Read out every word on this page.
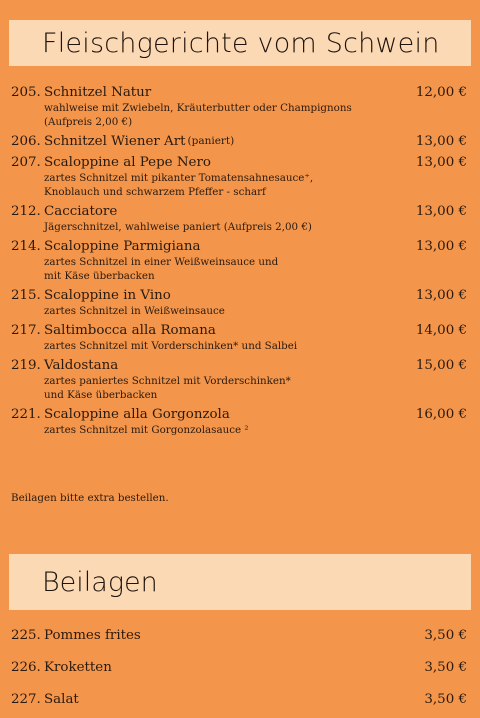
Fleischgerichte vom Schwein
205. Schnitzel Natur	12,00 €
wahlweise mit Zwiebeln, Kräuterbutter oder Champignons
(Aufpreis 2,00 €)
206. Schnitzel Wiener Art (paniert)	13,00 €
207. Scaloppine al Pepe Nero	13,00 €
zartes Schnitzel mit pikanter Tomatensahnesauce⁺,
Knoblauch und schwarzem Pfeffer - scharf
212. Cacciatore	13,00 €
Jägerschnitzel, wahlweise paniert (Aufpreis 2,00 €)
214. Scaloppine Parmigiana	13,00 €
zartes Schnitzel in einer Weißweinsauce und
mit Käse überbacken
215. Scaloppine in Vino	13,00 €
zartes Schnitzel in Weißweinsauce
217. Saltimbocca alla Romana	14,00 €
zartes Schnitzel mit Vorderschinken* und Salbei
219. Valdostana	15,00 €
zartes paniertes Schnitzel mit Vorderschinken*
und Käse überbacken
221. Scaloppine alla Gorgonzola	16,00 €
zartes Schnitzel mit Gorgonzolasauce ²
Beilagen bitte extra bestellen.
Beilagen
225. Pommes frites	3,50 €
226. Kroketten	3,50 €
227. Salat	3,50 €
